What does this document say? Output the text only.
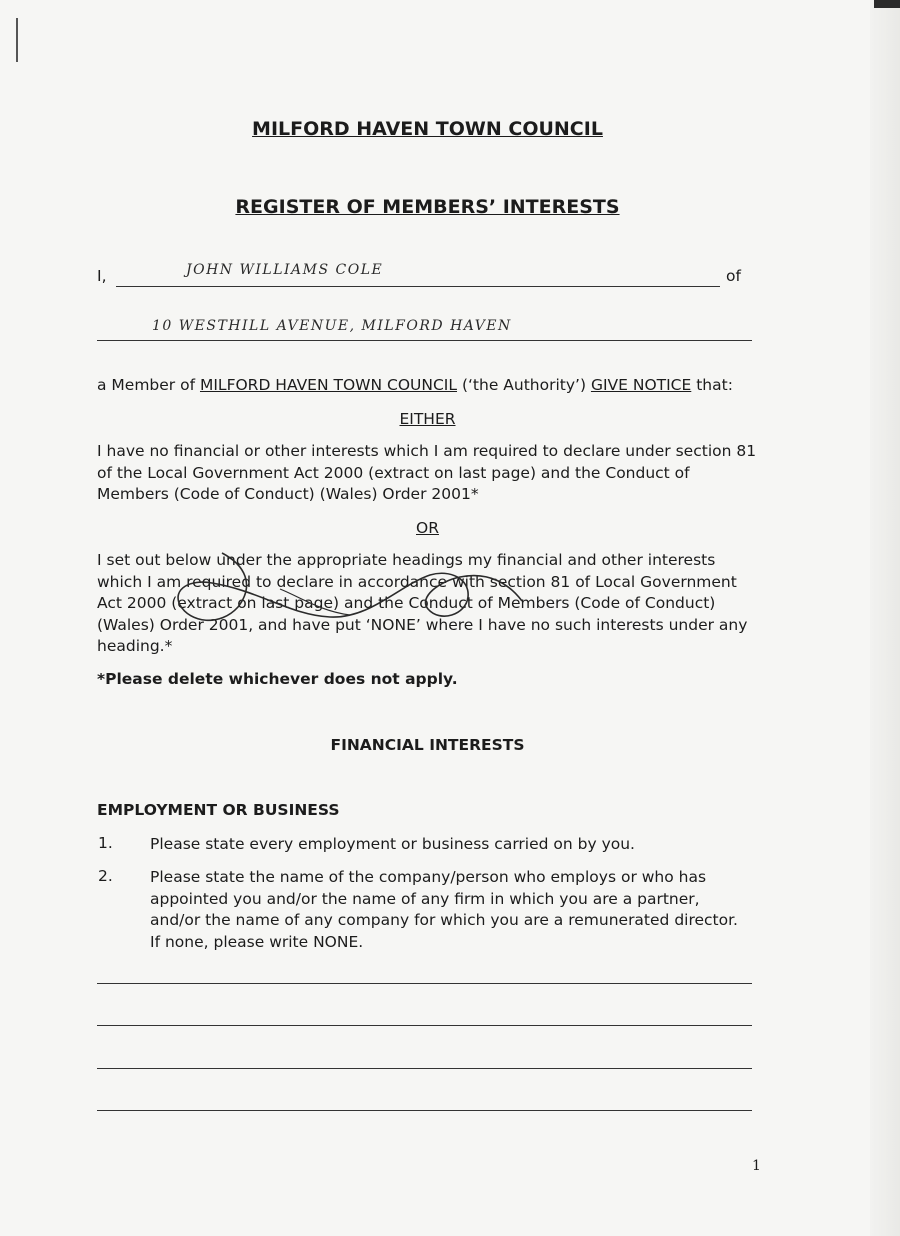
MILFORD HAVEN TOWN COUNCIL
REGISTER OF MEMBERS’ INTERESTS
I,	JOHN WILLIAMS COLE	of
10 WESTHILL AVENUE, MILFORD HAVEN
a Member of MILFORD HAVEN TOWN COUNCIL (‘the Authority’) GIVE NOTICE that:
EITHER
I have no financial or other interests which I am required to declare under section 81 of the Local Government Act 2000 (extract on last page) and the Conduct of Members (Code of Conduct) (Wales) Order 2001*
OR
I set out below under the appropriate headings my financial and other interests which I am required to declare in accordance with section 81 of Local Government Act 2000 (extract on last page) and the Conduct of Members (Code of Conduct) (Wales) Order 2001, and have put ‘NONE’ where I have no such interests under any heading.*
*Please delete whichever does not apply.
FINANCIAL INTERESTS
EMPLOYMENT OR BUSINESS
1. Please state every employment or business carried on by you.
2. Please state the name of the company/person who employs or who has appointed you and/or the name of any firm in which you are a partner, and/or the name of any company for which you are a remunerated director. If none, please write NONE.
1
